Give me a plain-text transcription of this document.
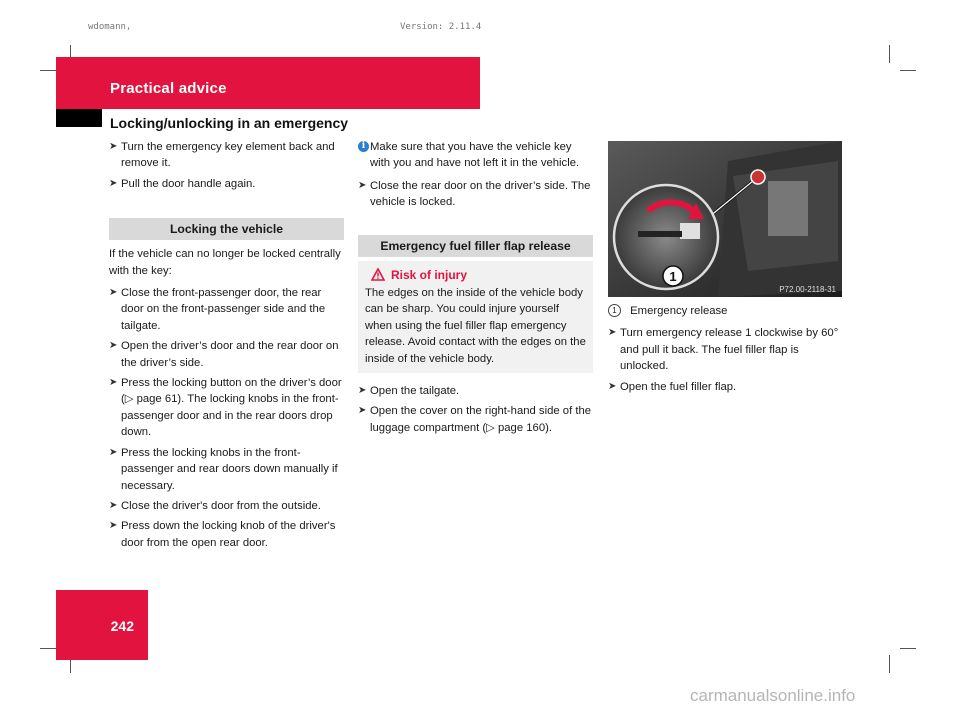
wdomann,	Version: 2.11.4
Practical advice
Locking/unlocking in an emergency
➤ Turn the emergency key element back and remove it.
➤ Pull the door handle again.
Locking the vehicle

If the vehicle can no longer be locked centrally with the key:

➤ Close the front-passenger door, the rear door on the front-passenger side and the tailgate.
➤ Open the driver’s door and the rear door on the driver’s side.
➤ Press the locking button on the driver’s door (▷ page 61). The locking knobs in the front-passenger door and in the rear doors drop down.
➤ Press the locking knobs in the front-passenger and rear doors down manually if necessary.
➤ Close the driver's door from the outside.
➤ Press down the locking knob of the driver's door from the open rear door.
i Make sure that you have the vehicle key with you and have not left it in the vehicle.
➤ Close the rear door on the driver’s side. The vehicle is locked.
Emergency fuel filler flap release
Risk of injury

The edges on the inside of the vehicle body can be sharp. You could injure yourself when using the fuel filler flap emergency release. Avoid contact with the edges on the inside of the vehicle body.

➤ Open the tailgate.
➤ Open the cover on the right-hand side of the luggage compartment (▷ page 160).
1
P72.00-2118-31
1 Emergency release
➤ Turn emergency release 1 clockwise by 60° and pull it back. The fuel filler flap is unlocked.
➤ Open the fuel filler flap.
242
carmanualsonline.info
